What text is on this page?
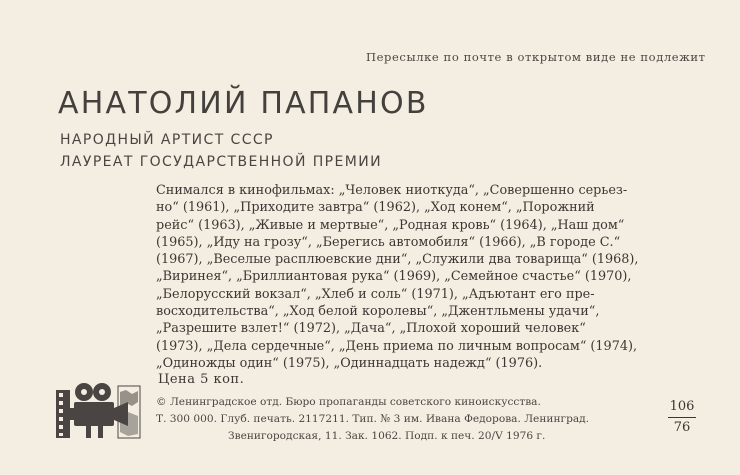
Пересылке по почте в открытом виде не подлежит
АНАТОЛИЙ ПАПАНОВ
НАРОДНЫЙ АРТИСТ СССР
ЛАУРЕАТ ГОСУДАРСТВЕННОЙ ПРЕМИИ
Снимался в кинофильмах: „Человек ниоткуда“, „Совершенно серьез-
но“ (1961), „Приходите завтра“ (1962), „Ход конем“, „Порожний
рейс“ (1963), „Живые и мертвые“, „Родная кровь“ (1964), „Наш дом“
(1965), „Иду на грозу“, „Берегись автомобиля“ (1966), „В городе С.“
(1967), „Веселые расплюевские дни“, „Служили два товарища“ (1968),
„Виринея“, „Бриллиантовая рука“ (1969), „Семейное счастье“ (1970),
„Белорусский вокзал“, „Хлеб и соль“ (1971), „Адъютант его пре-
восходительства“, „Ход белой королевы“, „Джентльмены удачи“,
„Разрешите взлет!“ (1972), „Дача“, „Плохой хороший человек“
(1973), „Дела сердечные“, „День приема по личным вопросам“ (1974),
„Одиножды один“ (1975), „Одиннадцать надежд“ (1976).
Цена 5 коп.
© Ленинградское отд. Бюро пропаганды советского киноискусства.
Т. 300 000. Глуб. печать. 2117211. Тип. № 3 им. Ивана Федорова. Ленинград.
Звенигородская, 11. Зак. 1062. Подп. к печ. 20/V 1976 г.
106
76
